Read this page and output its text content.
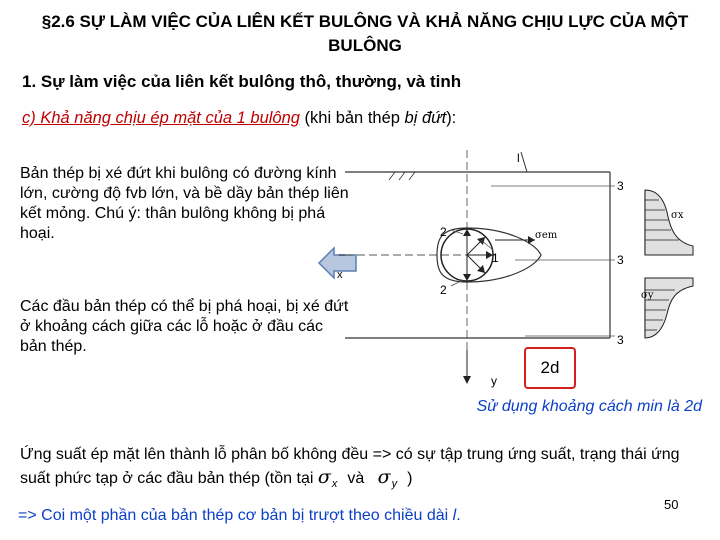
§2.6 SỰ LÀM VIỆC CỦA LIÊN KẾT BULÔNG VÀ KHẢ NĂNG CHỊU LỰC CỦA MỘT BULÔNG
1. Sự làm việc của liên kết bulông thô, thường, và tinh
c) Khả năng chịu ép mặt của 1 bulông (khi bản thép bị đứt):
Bản thép bị xé đứt khi bulông có đường kính lớn, cường độ fvb lớn, và bề dầy bản thép liên kết mỏng. Chú ý: thân bulông không bị phá hoại.
Các đầu bản thép có thể bị phá hoại, bị xé đứt ở khoảng cách giữa các lỗ hoặc ở đầu các bản thép.
l
1
2
2
3
3
3
x
y
σem
σx
σy
2d
Sử dụng khoảng cách min là 2d
Ứng suất ép mặt lên thành lỗ phân bố không đều => có sự tập trung ứng suất, trạng thái ứng suất phức tạp ở các đầu bản thép (tồn tại $\sigma_x$ và $\sigma_y$ )
=> Coi một phần của bản thép cơ bản bị trượt theo chiều dài l.
50
